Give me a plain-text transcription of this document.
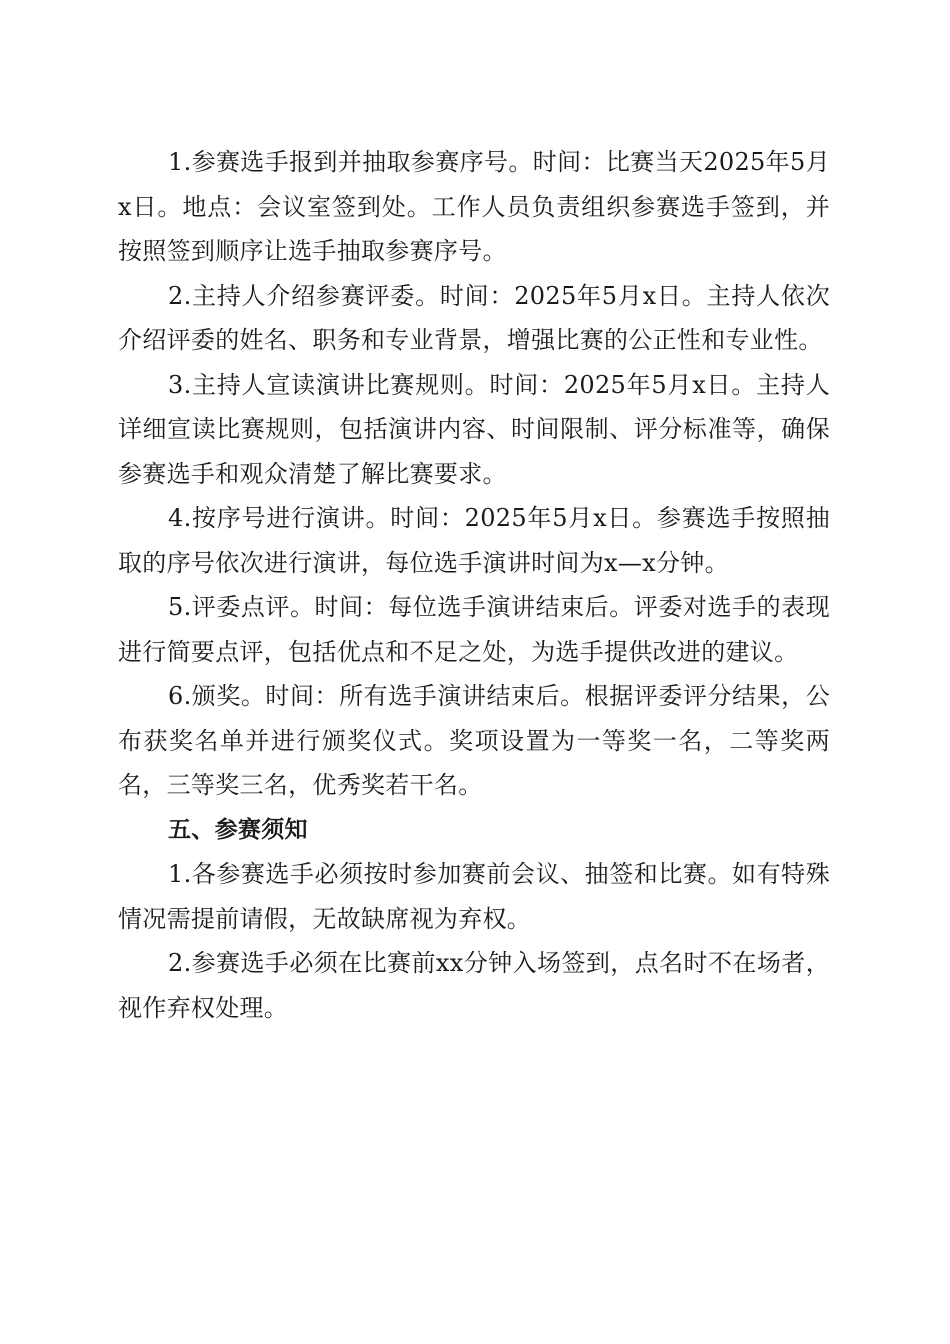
1.参赛选手报到并抽取参赛序号。时间：比赛当天2025年5月x日。地点：会议室签到处。工作人员负责组织参赛选手签到，并按照签到顺序让选手抽取参赛序号。

2.主持人介绍参赛评委。时间：2025年5月x日。主持人依次介绍评委的姓名、职务和专业背景，增强比赛的公正性和专业性。

3.主持人宣读演讲比赛规则。时间：2025年5月x日。主持人详细宣读比赛规则，包括演讲内容、时间限制、评分标准等，确保参赛选手和观众清楚了解比赛要求。

4.按序号进行演讲。时间：2025年5月x日。参赛选手按照抽取的序号依次进行演讲，每位选手演讲时间为x—x分钟。

5.评委点评。时间：每位选手演讲结束后。评委对选手的表现进行简要点评，包括优点和不足之处，为选手提供改进的建议。

6.颁奖。时间：所有选手演讲结束后。根据评委评分结果，公布获奖名单并进行颁奖仪式。奖项设置为一等奖一名，二等奖两名，三等奖三名，优秀奖若干名。

五、参赛须知

1.各参赛选手必须按时参加赛前会议、抽签和比赛。如有特殊情况需提前请假，无故缺席视为弃权。

2.参赛选手必须在比赛前xx分钟入场签到，点名时不在场者，视作弃权处理。
